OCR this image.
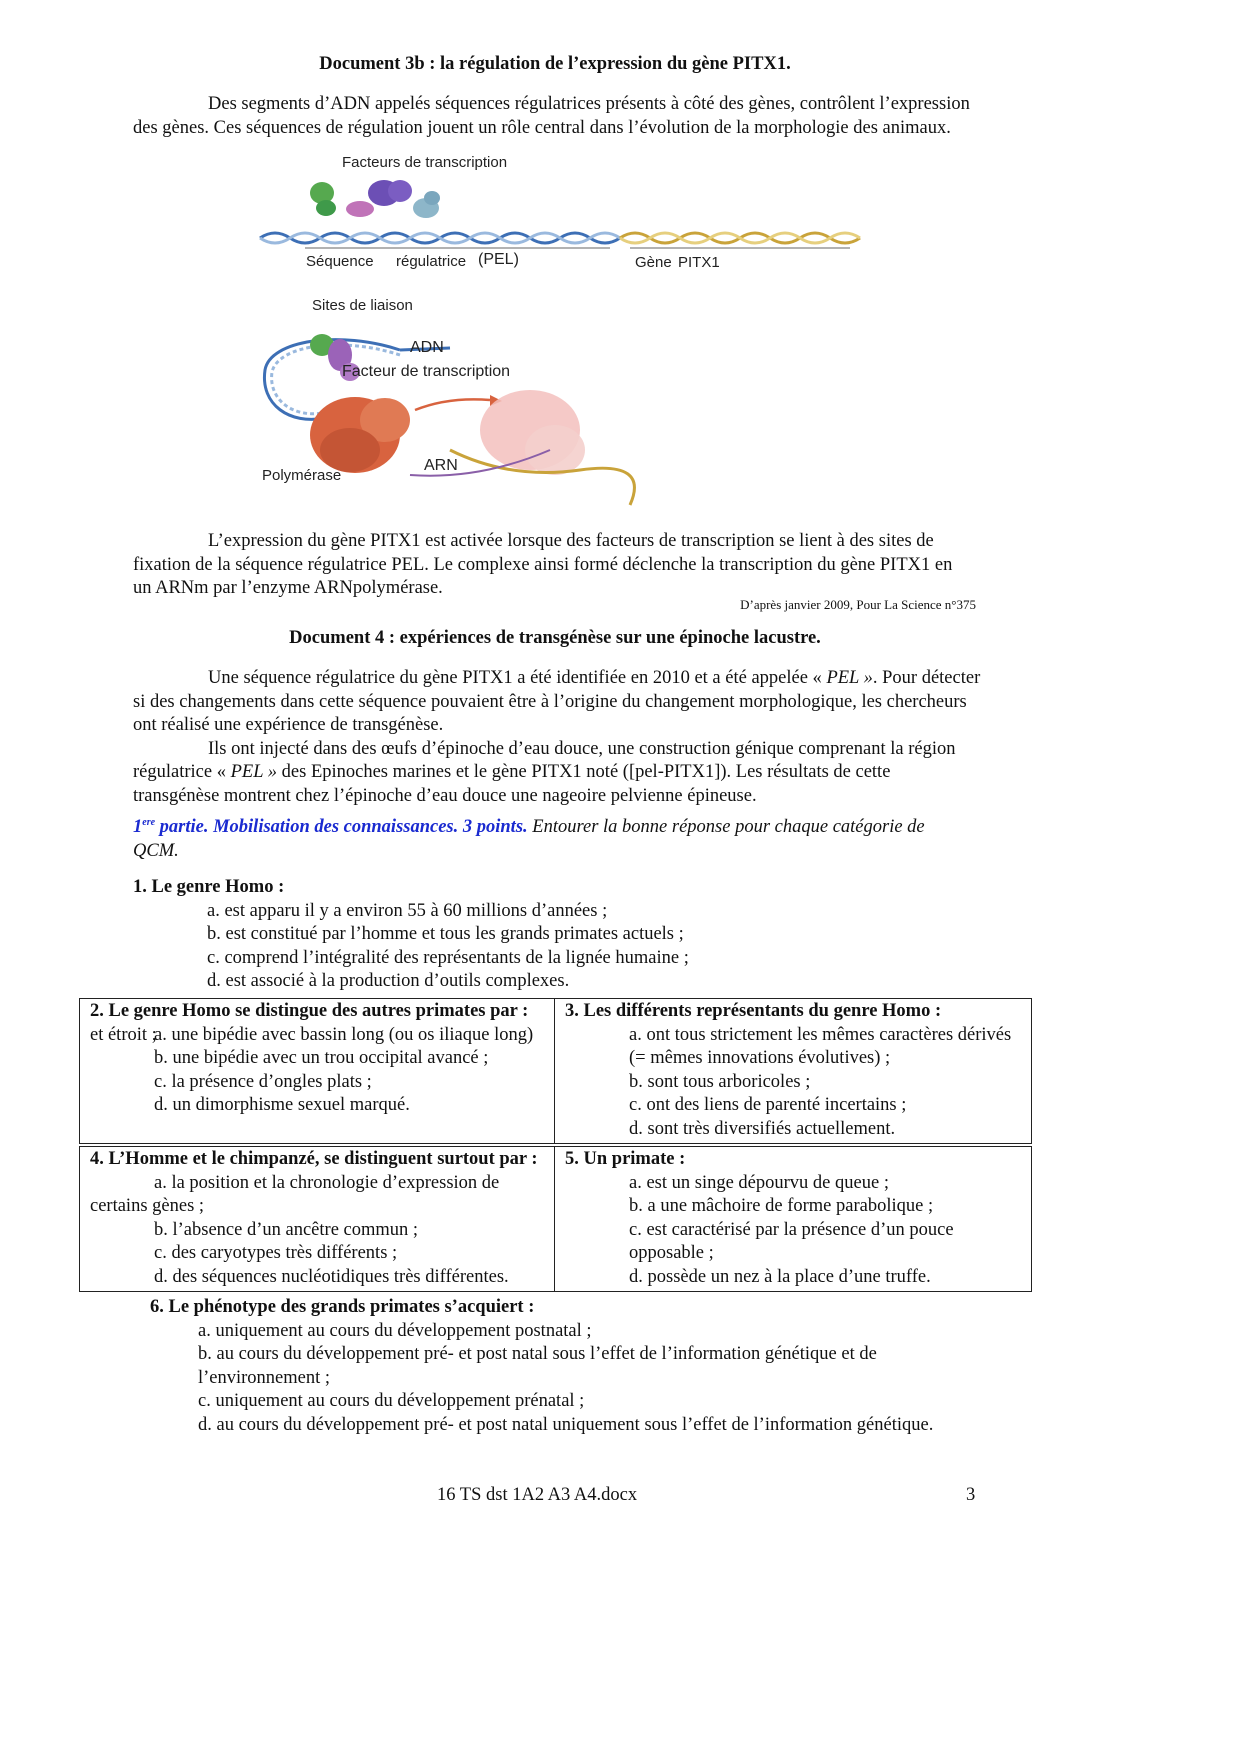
Document 3b : la régulation de l’expression du gène PITX1.

Des segments d’ADN appelés séquences régulatrices présents à côté des gènes, contrôlent l’expression

des gènes. Ces séquences de régulation jouent un rôle central dans l’évolution de la morphologie des animaux.

Facteurs de transcription
Séquence régulatrice (PEL)	Gène PITX1
Sites de liaison
ADN
Facteur de transcription
Polymérase
ARN

L’expression du gène PITX1 est activée lorsque des facteurs de transcription se lient à des sites de

fixation de la séquence régulatrice PEL. Le complexe ainsi formé déclenche la transcription du gène PITX1 en

un ARNm par l’enzyme ARNpolymérase.

D’après janvier 2009, Pour La Science n°375
Document 4 : expériences de transgénèse sur une épinoche lacustre.

Une séquence régulatrice du gène PITX1 a été identifiée en 2010 et a été appelée « PEL ». Pour détecter

si des changements dans cette séquence pouvaient être à l’origine du changement morphologique, les chercheurs

ont réalisé une expérience de transgénèse.

Ils ont injecté dans des œufs d’épinoche d’eau douce, une construction génique comprenant la région

régulatrice « PEL » des Epinoches marines et le gène PITX1 noté ([pel-PITX1]). Les résultats de cette

transgénèse montrent chez l’épinoche d’eau douce une nageoire pelvienne épineuse.

1ere partie. Mobilisation des connaissances. 3 points. Entourer la bonne réponse pour chaque catégorie de

QCM.

1. Le genre Homo :
a. est apparu il y a environ 55 à 60 millions d’années ;
b. est constitué par l’homme et tous les grands primates actuels ;
c. comprend l’intégralité des représentants de la lignée humaine ;
d. est associé à la production d’outils complexes.
2. Le genre Homo se distingue des autres primates par :
a. une bipédie avec bassin long (ou os iliaque long)
et étroit ;
b. une bipédie avec un trou occipital avancé ;
c. la présence d’ongles plats ;
d. un dimorphisme sexuel marqué.

3. Les différents représentants du genre Homo :
a. ont tous strictement les mêmes caractères dérivés
(= mêmes innovations évolutives) ;
b. sont tous arboricoles ;
c. ont des liens de parenté incertains ;
d. sont très diversifiés actuellement.
4. L’Homme et le chimpanzé, se distinguent surtout par :
a. la position et la chronologie d’expression de
certains gènes ;
b. l’absence d’un ancêtre commun ;
c. des caryotypes très différents ;
d. des séquences nucléotidiques très différentes.

5. Un primate :
a. est un singe dépourvu de queue ;
b. a une mâchoire de forme parabolique ;
c. est caractérisé par la présence d’un pouce
opposable ;
d. possède un nez à la place d’une truffe.
6. Le phénotype des grands primates s’acquiert :
a. uniquement au cours du développement postnatal ;
b. au cours du développement pré- et post natal sous l’effet de l’information génétique et de
l’environnement ;
c. uniquement au cours du développement prénatal ;
d. au cours du développement pré- et post natal uniquement sous l’effet de l’information génétique.
16 TS dst 1A2 A3 A4.docx	3
